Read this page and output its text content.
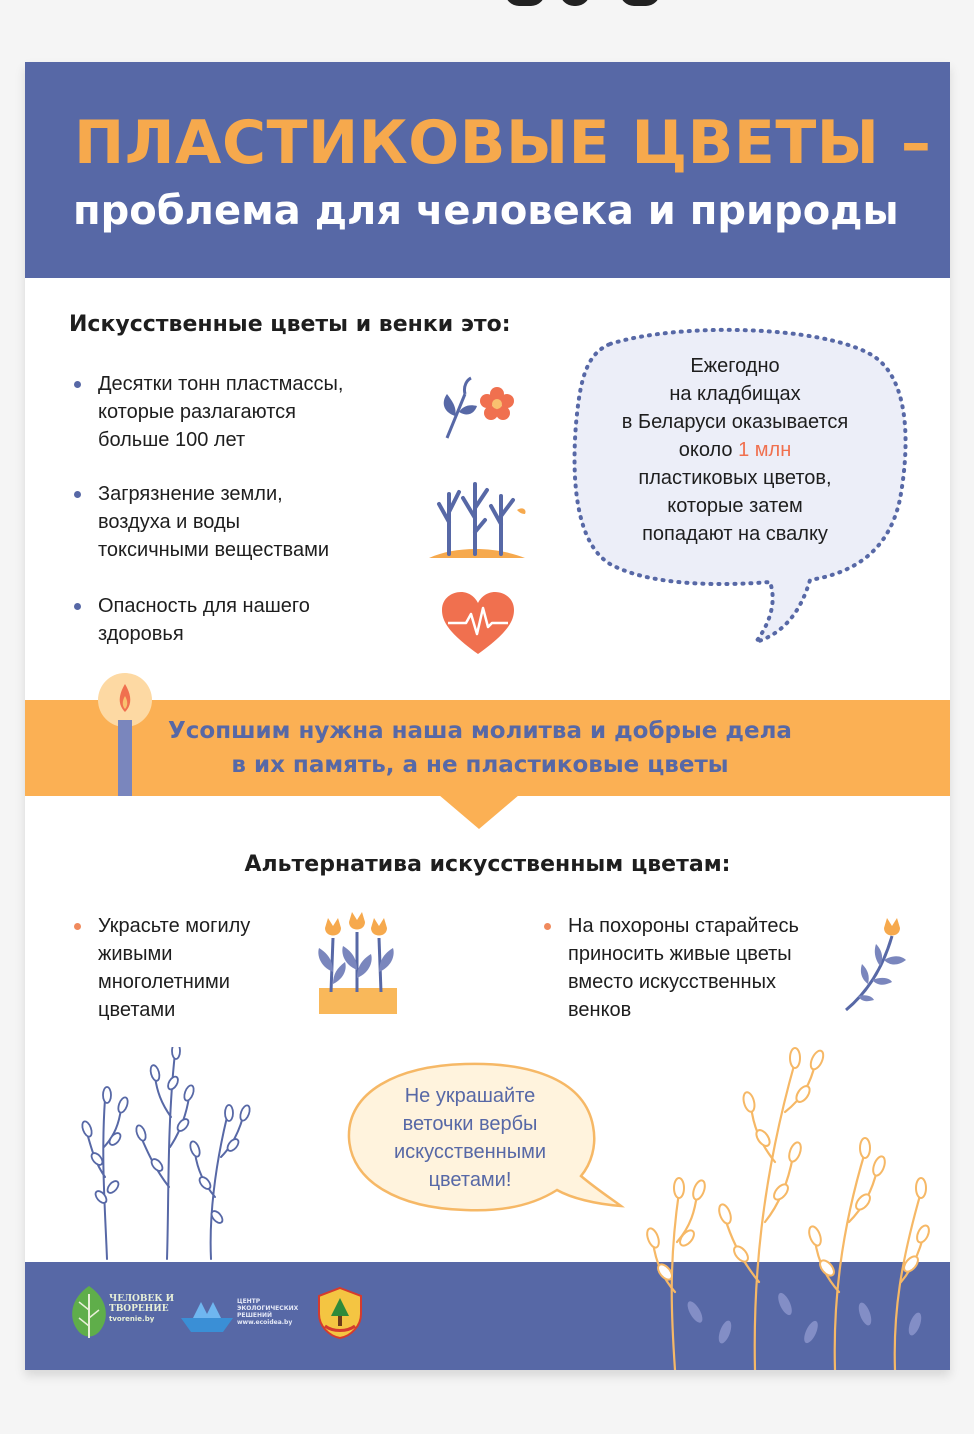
ПЛАСТИКОВЫЕ ЦВЕТЫ –
проблема для человека и природы
Искусственные цветы и венки это:
Десятки тонн пластмассы,
которые разлагаются
больше 100 лет
Загрязнение земли,
воздуха и воды
токсичными веществами
Опасность для нашего
здоровья
Ежегодно
на кладбищах
в Беларуси оказывается
около 1 млн
пластиковых цветов,
которые затем
попадают на свалку
Усопшим нужна наша молитва и добрые дела
в их память, а не пластиковые цветы
Альтернатива искусственным цветам:
Украсьте могилу
живыми
многолетними
цветами
На похороны старайтесь
приносить живые цветы
вместо искусственных
венков
Не украшайте
веточки вербы
искусственными
цветами!
ЧЕЛОВЕК И
ТВОРЕНИЕ
tvorenie.by
ЦЕНТР
ЭКОЛОГИЧЕСКИХ
РЕШЕНИЙ
www.ecoidea.by
